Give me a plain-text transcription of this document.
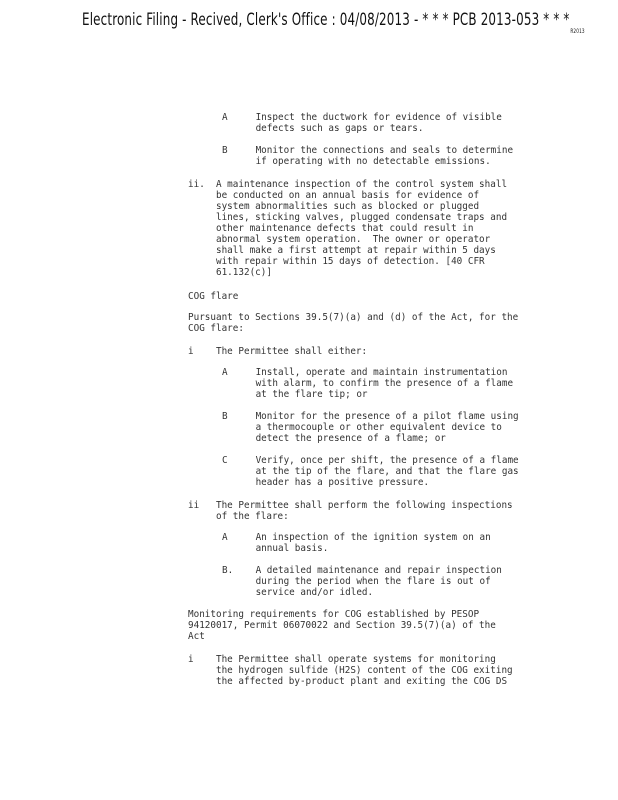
Electronic Filing - Recived, Clerk's Office : 04/08/2013 - * * * PCB 2013-053 * * $*_{R2013}$
A     Inspect the ductwork for evidence of visible
defects such as gaps or tears.
B     Monitor the connections and seals to determine
if operating with no detectable emissions.
ii.  A maintenance inspection of the control system shall
be conducted on an annual basis for evidence of
system abnormalities such as blocked or plugged
lines, sticking valves, plugged condensate traps and
other maintenance defects that could result in
abnormal system operation.  The owner or operator
shall make a first attempt at repair within 5 days
with repair within 15 days of detection. [40 CFR
61.132(c)]
COG flare
Pursuant to Sections 39.5(7)(a) and (d) of the Act, for the
COG flare:
i    The Permittee shall either:
A     Install, operate and maintain instrumentation
with alarm, to confirm the presence of a flame
at the flare tip; or
B     Monitor for the presence of a pilot flame using
a thermocouple or other equivalent device to
detect the presence of a flame; or
C     Verify, once per shift, the presence of a flame
at the tip of the flare, and that the flare gas
header has a positive pressure.
ii   The Permittee shall perform the following inspections
of the flare:
A     An inspection of the ignition system on an
annual basis.
B.    A detailed maintenance and repair inspection
during the period when the flare is out of
service and/or idled.
Monitoring requirements for COG established by PESOP
94120017, Permit 06070022 and Section 39.5(7)(a) of the
Act
i    The Permittee shall operate systems for monitoring
the hydrogen sulfide (H2S) content of the COG exiting
the affected by-product plant and exiting the COG DS
